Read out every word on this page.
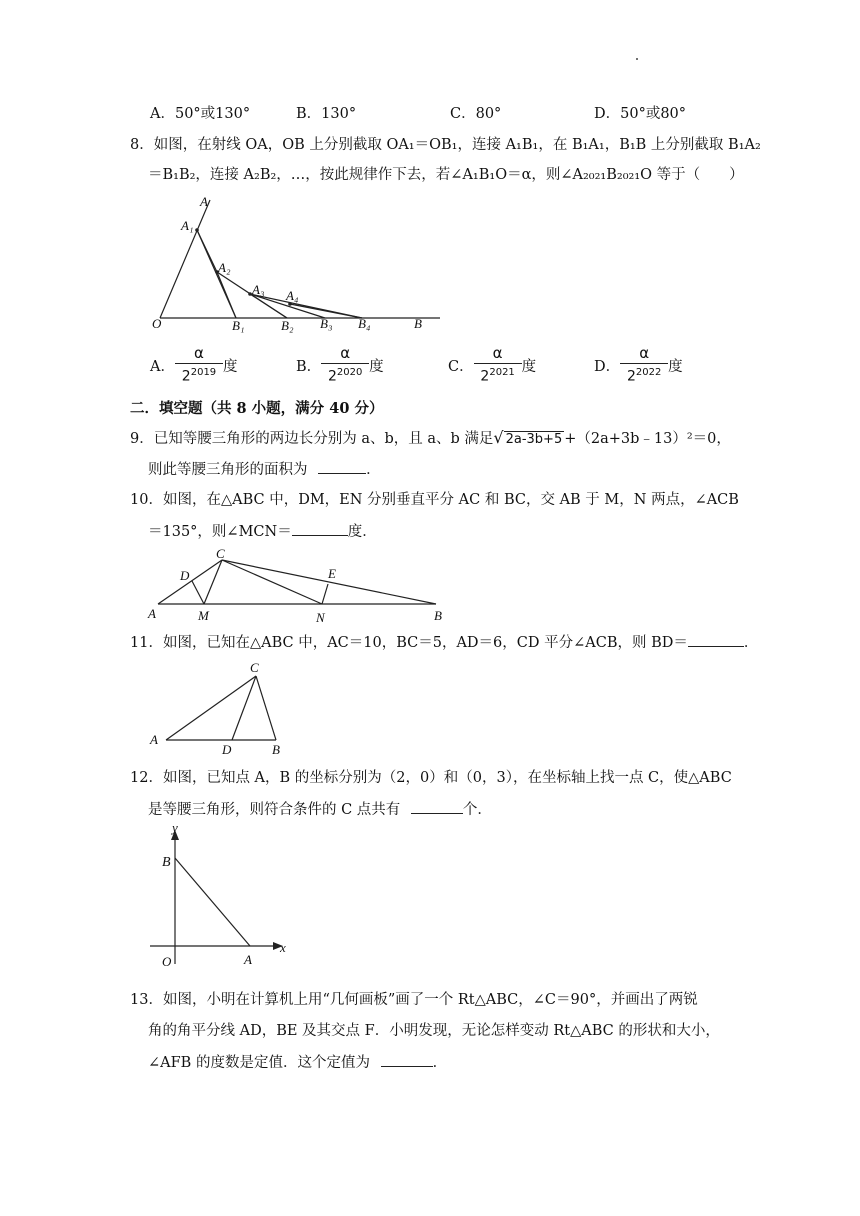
A．50°或130°	B．130°	C．80°	D．50°或80°
8．如图，在射线 OA，OB 上分别截取 OA₁＝OB₁，连接 A₁B₁，在 B₁A₁，B₁B 上分别截取 B₁A₂
＝B₁B₂，连接 A₂B₂，…，按此规律作下去，若∠A₁B₁O＝α，则∠A₂₀₂₁B₂₀₂₁O 等于（　　）
A
A₁
A₂
A₃ A₄
O	B₁	B₂ B₃ B₄	B
A． $\frac{\alpha}{2^{2019}}$ 度	B． $\frac{\alpha}{2^{2020}}$ 度	C． $\frac{\alpha}{2^{2021}}$ 度	D． $\frac{\alpha}{2^{2022}}$ 度
二．填空题（共 8 小题，满分 40 分）
9．已知等腰三角形的两边长分别为 a、b，且 a、b 满足√ 2a-3b+5 +（2a+3b﹣13）²＝0，
则此等腰三角形的面积为	．
10．如图，在△ABC 中，DM，EN 分别垂直平分 AC 和 BC，交 AB 于 M，N 两点，∠ACB
＝135°，则∠MCN＝	度．
C
D	E
A	M	N	B
11．如图，已知在△ABC 中，AC＝10，BC＝5，AD＝6，CD 平分∠ACB，则 BD＝	．
C
A
D	B
12．如图，已知点 A，B 的坐标分别为（2，0）和（0，3），在坐标轴上找一点 C，使△ABC
是等腰三角形，则符合条件的 C 点共有	个．
y
B
x
O	A
13．如图，小明在计算机上用“几何画板”画了一个 Rt△ABC，∠C＝90°，并画出了两锐
角的角平分线 AD，BE 及其交点 F．小明发现，无论怎样变动 Rt△ABC 的形状和大小，
∠AFB 的度数是定值．这个定值为	．
